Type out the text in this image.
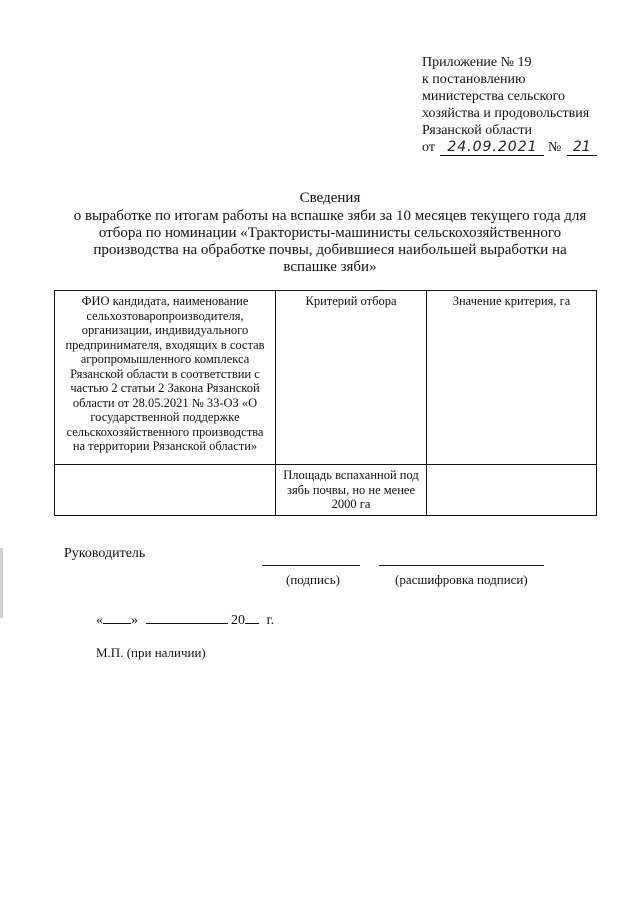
Приложение № 19
к постановлению
министерства сельского
хозяйства и продовольствия
Рязанской области
от 24.09.2021 № 21
Сведения
о выработке по итогам работы на вспашке зяби за 10 месяцев текущего года для
отбора по номинации «Трактористы-машинисты сельскохозяйственного
производства на обработке почвы, добившиеся наибольшей выработки на
вспашке зяби»
ФИО кандидата, наименование сельхозтоваропроизводителя, организации, индивидуального предпринимателя, входящих в состав агропромышленного комплекса Рязанской области в соответствии с частью 2 статьи 2 Закона Рязанской области от 28.05.2021 № 33-ОЗ «О государственной поддержке сельскохозяйственного производства на территории Рязанской области»	Критерий отбора	Значение критерия, га
	Площадь вспаханной под зябь почвы, но не менее 2000 га	
Руководитель
(подпись)	(расшифровка подписи)
« »	20 г.
М.П. (при наличии)
